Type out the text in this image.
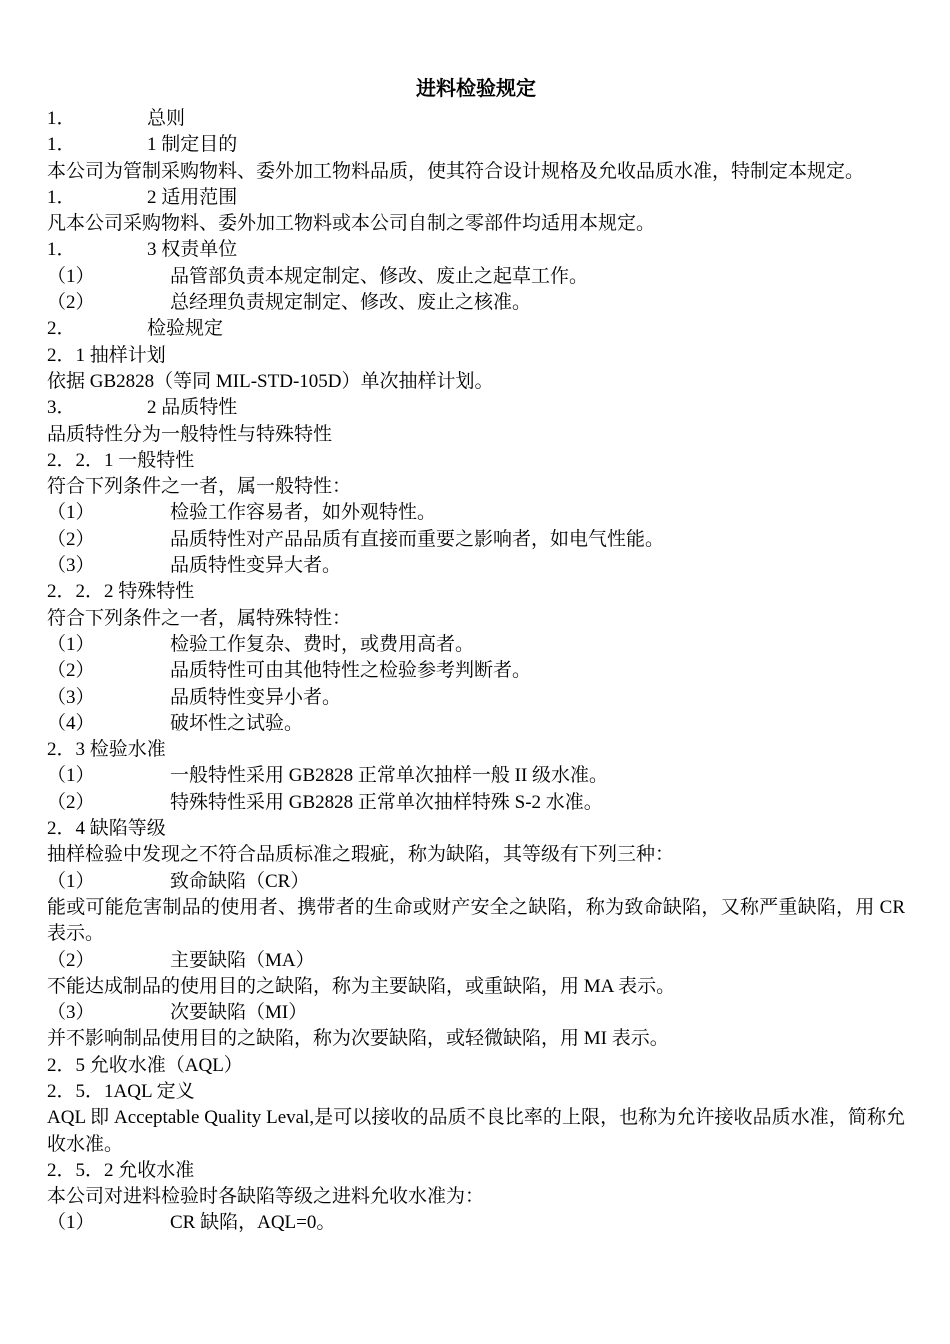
进料检验规定
1．	总则
1．	1 制定目的
本公司为管制采购物料、委外加工物料品质，使其符合设计规格及允收品质水准，特制定本规定。
1．	2 适用范围
凡本公司采购物料、委外加工物料或本公司自制之零部件均适用本规定。
1．	3 权责单位
（1）	品管部负责本规定制定、修改、废止之起草工作。
（2）	总经理负责规定制定、修改、废止之核准。
2．	检验规定
2．1 抽样计划
依据 GB2828（等同 MIL-STD-105D）单次抽样计划。
3．	2 品质特性
品质特性分为一般特性与特殊特性
2．2．1 一般特性
符合下列条件之一者，属一般特性：
（1）	检验工作容易者，如外观特性。
（2）	品质特性对产品品质有直接而重要之影响者，如电气性能。
（3）	品质特性变异大者。
2．2．2 特殊特性
符合下列条件之一者，属特殊特性：
（1）	检验工作复杂、费时，或费用高者。
（2）	品质特性可由其他特性之检验参考判断者。
（3）	品质特性变异小者。
（4）	破坏性之试验。
2．3 检验水准
（1）	一般特性采用 GB2828 正常单次抽样一般 II 级水准。
（2）	特殊特性采用 GB2828 正常单次抽样特殊 S-2 水准。
2．4 缺陷等级
抽样检验中发现之不符合品质标准之瑕疵，称为缺陷，其等级有下列三种：
（1）	致命缺陷（CR）
能或可能危害制品的使用者、携带者的生命或财产安全之缺陷，称为致命缺陷，又称严重缺陷，用 CR 表示。
（2）	主要缺陷（MA）
不能达成制品的使用目的之缺陷，称为主要缺陷，或重缺陷，用 MA 表示。
（3）	次要缺陷（MI）
并不影响制品使用目的之缺陷，称为次要缺陷，或轻微缺陷，用 MI 表示。
2．5 允收水准（AQL）
2．5．1AQL 定义
AQL 即 Acceptable Quality Leval,是可以接收的品质不良比率的上限，也称为允许接收品质水准，简称允收水准。
2．5．2 允收水准
本公司对进料检验时各缺陷等级之进料允收水准为：
（1）	CR 缺陷，AQL=0。
